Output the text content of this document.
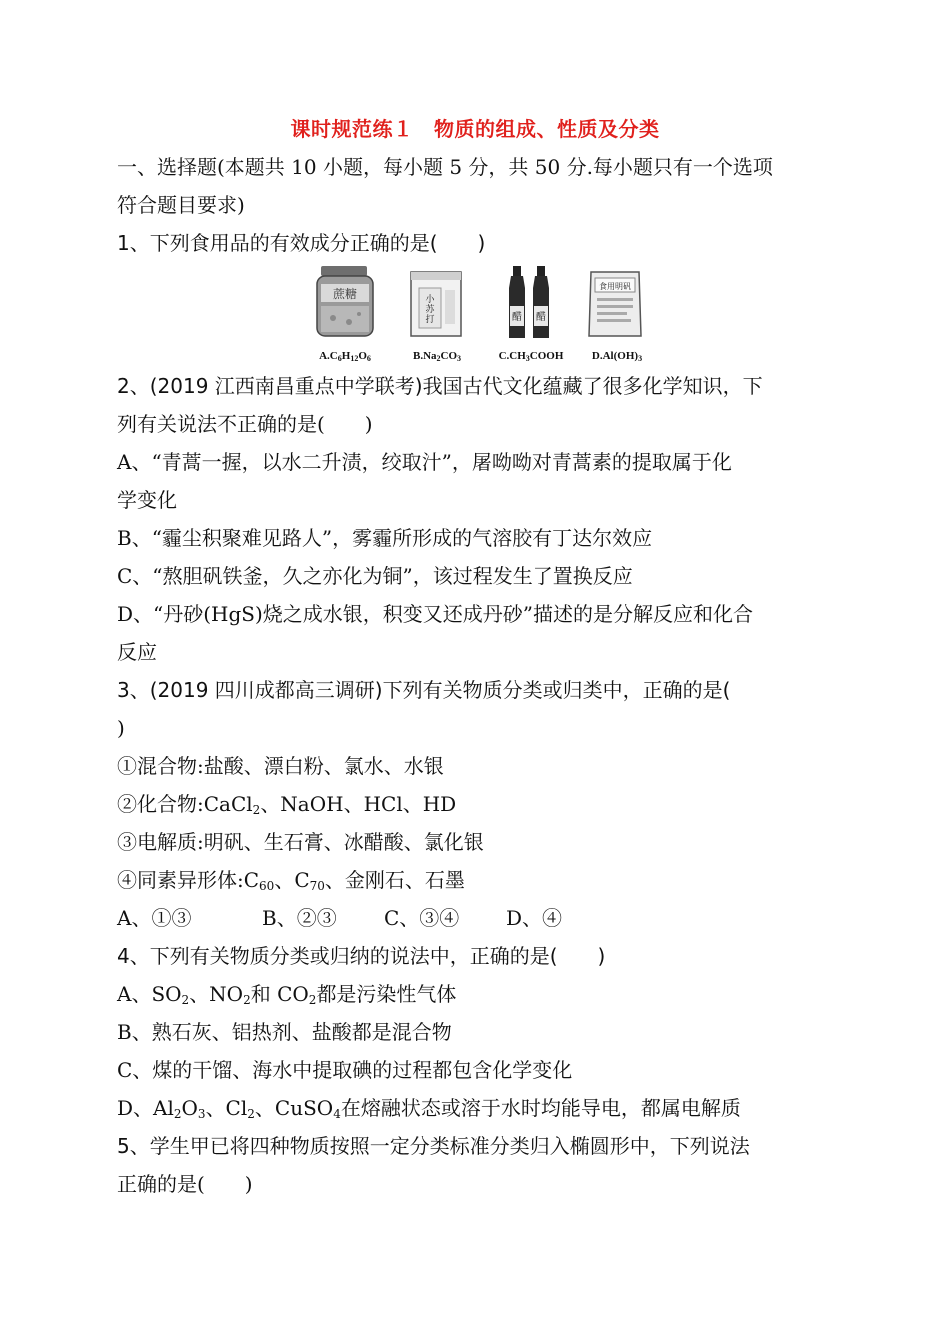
课时规范练１　物质的组成、性质及分类
一、选择题(本题共 10 小题，每小题 5 分，共 50 分.每小题只有一个选项
符合题目要求)
1、下列食用品的有效成分正确的是(　　)
蔗糖
$A.C_6H_{12}O_6$
小
苏
打
$B.Na_2CO_3$
醋 醋
$C.CH_3COOH$
食用明矾
$D.Al(OH)_3$
2、(2019 江西南昌重点中学联考)我国古代文化蕴藏了很多化学知识，下
列有关说法不正确的是(　　)
A、“青蒿一握，以水二升渍，绞取汁”，屠呦呦对青蒿素的提取属于化
学变化
B、“霾尘积聚难见路人”，雾霾所形成的气溶胶有丁达尔效应
C、“熬胆矾铁釜，久之亦化为铜”，该过程发生了置换反应
D、“丹砂(HgS)烧之成水银，积变又还成丹砂”描述的是分解反应和化合
反应
3、(2019 四川成都高三调研)下列有关物质分类或归类中，正确的是(
)
①混合物:盐酸、漂白粉、氯水、水银
②化合物:CaCl$_2$、NaOH、HCl、HD
③电解质:明矾、生石膏、冰醋酸、氯化银
④同素异形体$:C_{60}$、$C_{70}$、金刚石、石墨
A、①③	B、②③ C、③④ D、④
4、下列有关物质分类或归纳的说法中，正确的是(　　)
A、$SO_2$、$NO_2$和 $CO_2$都是污染性气体
B、熟石灰、铝热剂、盐酸都是混合物
C、煤的干馏、海水中提取碘的过程都包含化学变化
D、$Al_2O_3$、$Cl_2$、CuSO$_4$在熔融状态或溶于水时均能导电，都属电解质
5、学生甲已将四种物质按照一定分类标准分类归入椭圆形中，下列说法
正确的是(　　)
